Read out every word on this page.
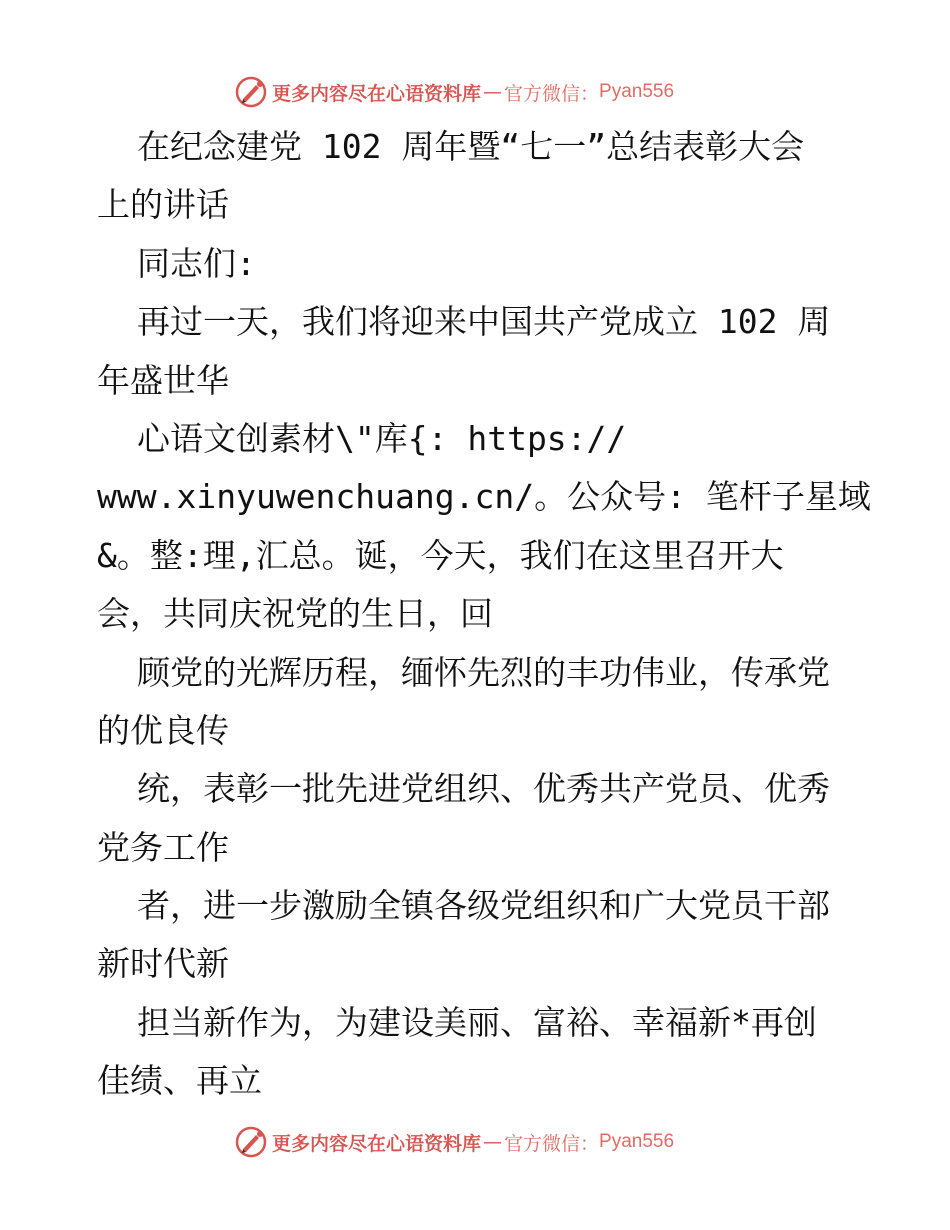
更多内容尽在心语资料库 — 官方微信： Pyan556
在纪念建党 102 周年暨“七一”总结表彰大会
上的讲话
同志们:
再过一天，我们将迎来中国共产党成立 102 周
年盛世华
心语文创素材\"库{: https://
www.xinyuwenchuang.cn/。公众号: 笔杆子星域
&。整:理,汇总。诞，今天，我们在这里召开大
会，共同庆祝党的生日，回
顾党的光辉历程，缅怀先烈的丰功伟业，传承党
的优良传
统，表彰一批先进党组织、优秀共产党员、优秀
党务工作
者，进一步激励全镇各级党组织和广大党员干部
新时代新
担当新作为，为建设美丽、富裕、幸福新*再创
佳绩、再立
更多内容尽在心语资料库 — 官方微信： Pyan556
